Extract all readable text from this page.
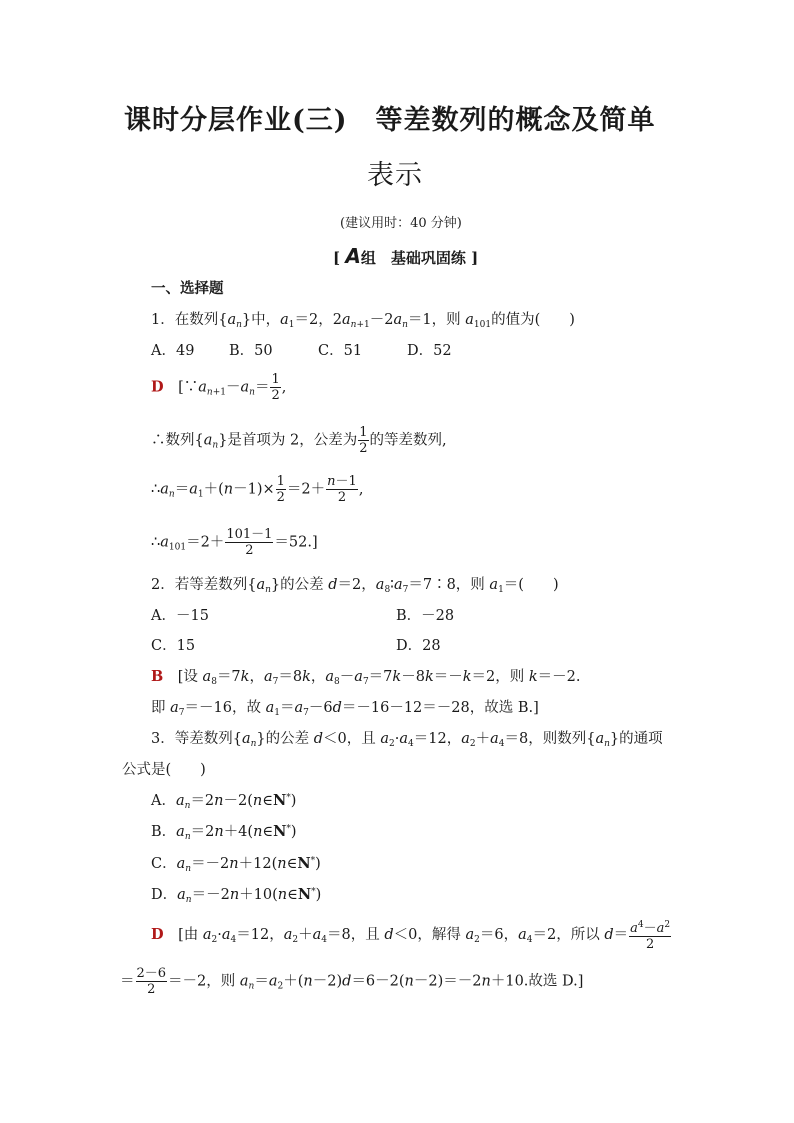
课时分层作业(三)　等差数列的概念及简单
表示
(建议用时：40 分钟)
[ A组　基础巩固练 ]
一、选择题
1．在数列$\{a_n\}$中，$a_1=2$，$2a_{n+1}-2a_n=1$，则 $a_{101}$的值为(　　)
A．49 B．50	C．51	D．52
D　[$\because a_{n+1}-a_n= \frac{1}{2}$ ,
∴数列$\{a_n\}$是首项为 2，公差为 $\frac{1}{2}$ 的等差数列,
$\therefore a_n=a_1+(n-1)\times \frac{1}{2} =2+ \frac{n-1}{2}$ ,
$\therefore a_{101}=2+ \frac{101-1}{2} =52$.]
2．若等差数列$\{a_n\}$的公差 d＝2，$a_8∶a_7=7∶8$，则 $a_1=$(　　)
A．－15	B．－28
C．15	D．28
B　[设 $a_8=7k$，$a_7=8k$，$a_8-a_7=7k-8k=-k=2$，则 k＝－2.
即 $a_7=-16$，故 $a_1=a_7-6d=-16-12=-28$，故选 B.]
3．等差数列$\{a_n\}$的公差 d＜0，且 $a_2\cdot a_4=12$，$a_2+a_4=8$，则数列$\{a_n\}$的通项
公式是(　　)
A．$a_n=2n-2(n\in N^*)$
B．$a_n=2n+4(n\in N^*)$
C．$a_n=-2n+12(n\in N^*)$
D．$a_n=-2n+10(n\in N^*)$
D　[由 $a_2\cdot a_4=12$，$a_2+a_4=8$，且 d＜0，解得 $a_2=6$，$a_4=2$，所以 $d= \frac{a^4-a^2}{2}$
＝ $\frac{2-6}{2} =-2$，则 $a_n=a_2+(n-2)d=6-2(n-2)=-2n+10$.故选 D.]
